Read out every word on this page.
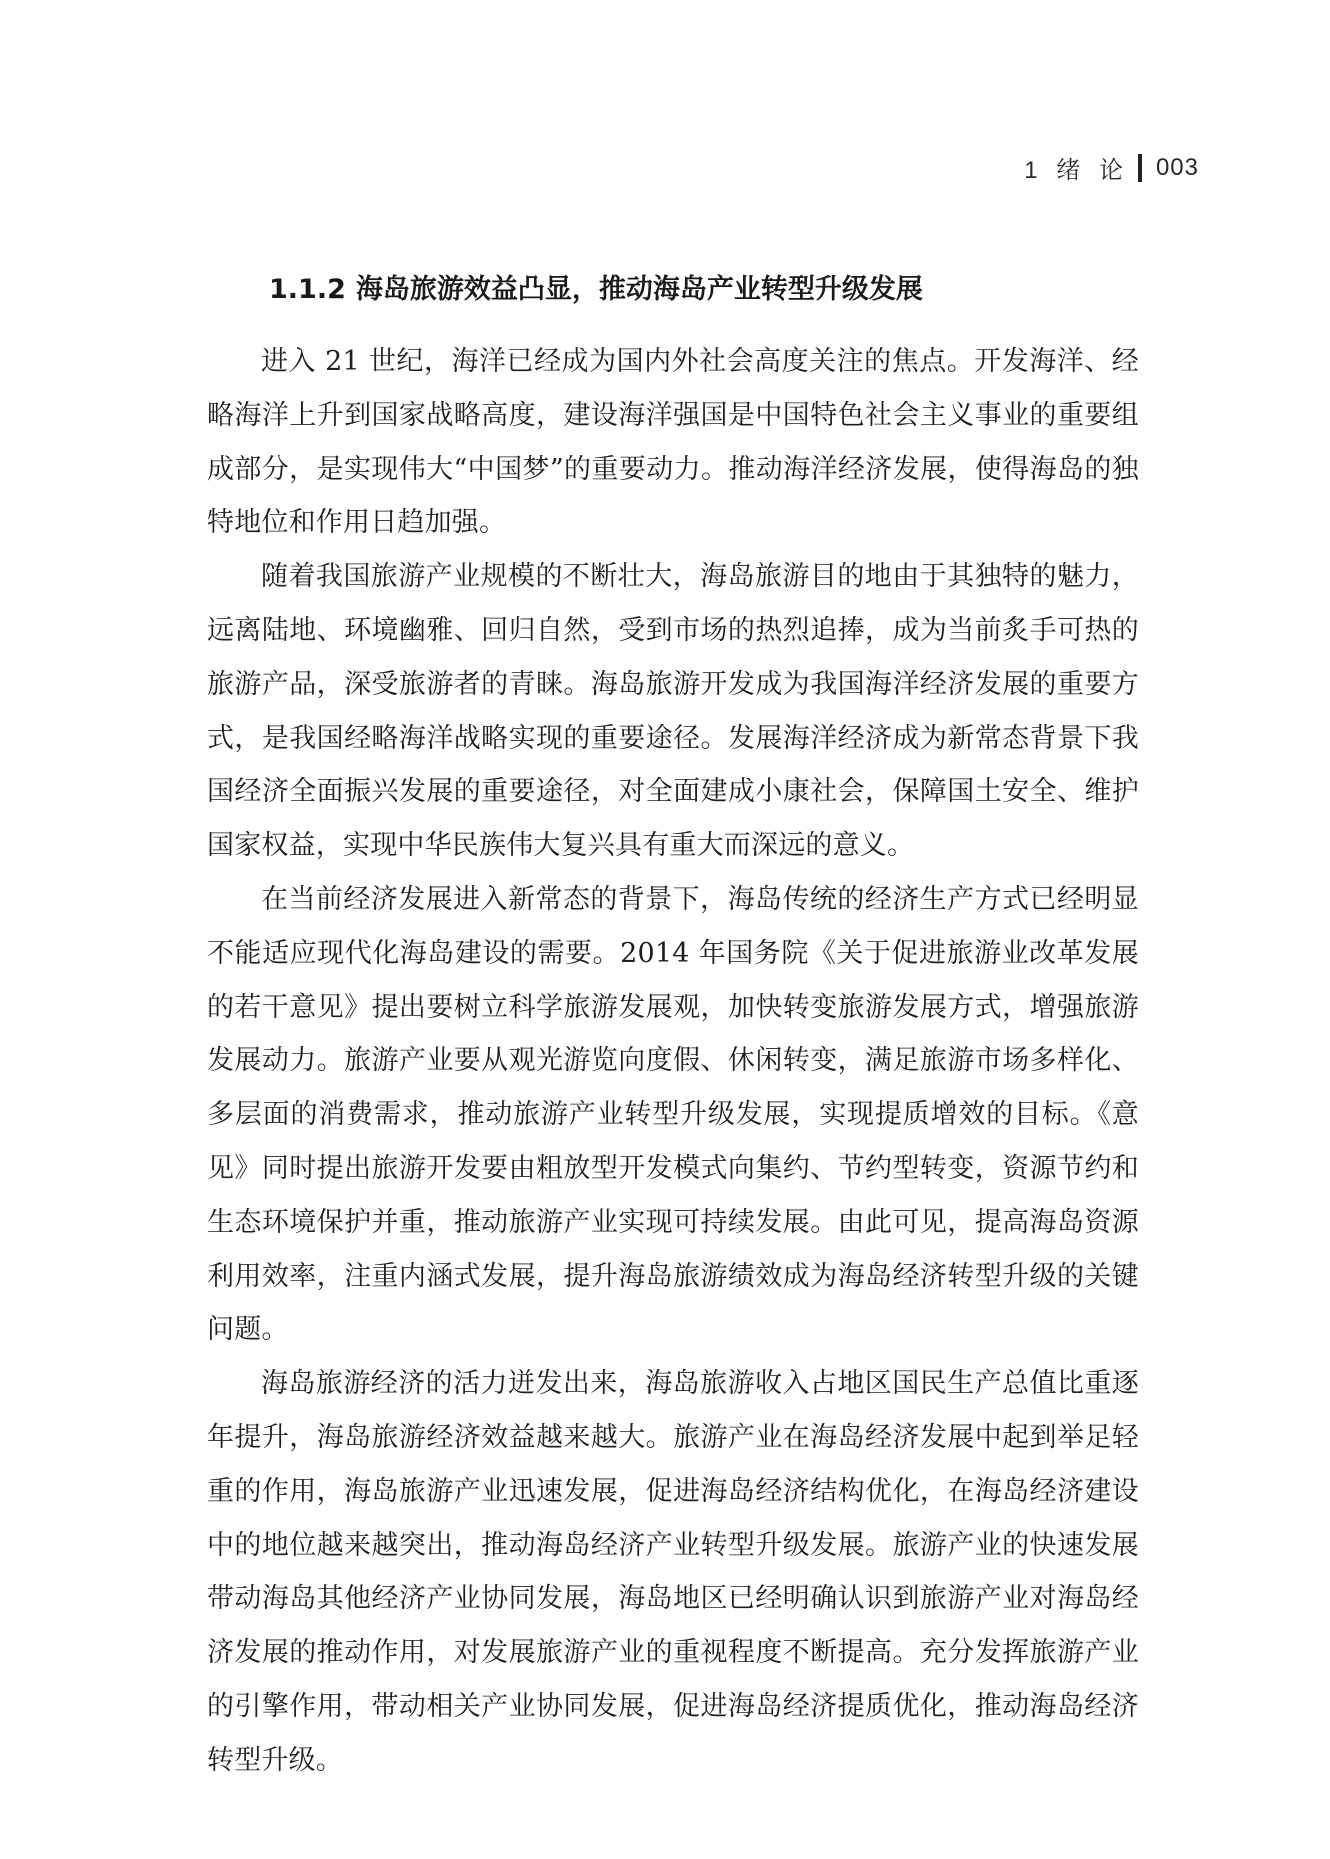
1 绪 论 003
1.1.2 海岛旅游效益凸显，推动海岛产业转型升级发展

进入 21 世纪，海洋已经成为国内外社会高度关注的焦点。开发海洋、经略海洋上升到国家战略高度，建设海洋强国是中国特色社会主义事业的重要组成部分，是实现伟大“中国梦”的重要动力。推动海洋经济发展，使得海岛的独特地位和作用日趋加强。

随着我国旅游产业规模的不断壮大，海岛旅游目的地由于其独特的魅力，远离陆地、环境幽雅、回归自然，受到市场的热烈追捧，成为当前炙手可热的旅游产品，深受旅游者的青睐。海岛旅游开发成为我国海洋经济发展的重要方式，是我国经略海洋战略实现的重要途径。发展海洋经济成为新常态背景下我国经济全面振兴发展的重要途径，对全面建成小康社会，保障国土安全、维护国家权益，实现中华民族伟大复兴具有重大而深远的意义。

在当前经济发展进入新常态的背景下，海岛传统的经济生产方式已经明显不能适应现代化海岛建设的需要。2014 年国务院《关于促进旅游业改革发展的若干意见》提出要树立科学旅游发展观，加快转变旅游发展方式，增强旅游发展动力。旅游产业要从观光游览向度假、休闲转变，满足旅游市场多样化、多层面的消费需求，推动旅游产业转型升级发展，实现提质增效的目标。《意见》同时提出旅游开发要由粗放型开发模式向集约、节约型转变，资源节约和生态环境保护并重，推动旅游产业实现可持续发展。由此可见，提高海岛资源利用效率，注重内涵式发展，提升海岛旅游绩效成为海岛经济转型升级的关键问题。

海岛旅游经济的活力迸发出来，海岛旅游收入占地区国民生产总值比重逐年提升，海岛旅游经济效益越来越大。旅游产业在海岛经济发展中起到举足轻重的作用，海岛旅游产业迅速发展，促进海岛经济结构优化，在海岛经济建设中的地位越来越突出，推动海岛经济产业转型升级发展。旅游产业的快速发展带动海岛其他经济产业协同发展，海岛地区已经明确认识到旅游产业对海岛经济发展的推动作用，对发展旅游产业的重视程度不断提高。充分发挥旅游产业的引擎作用，带动相关产业协同发展，促进海岛经济提质优化，推动海岛经济转型升级。
